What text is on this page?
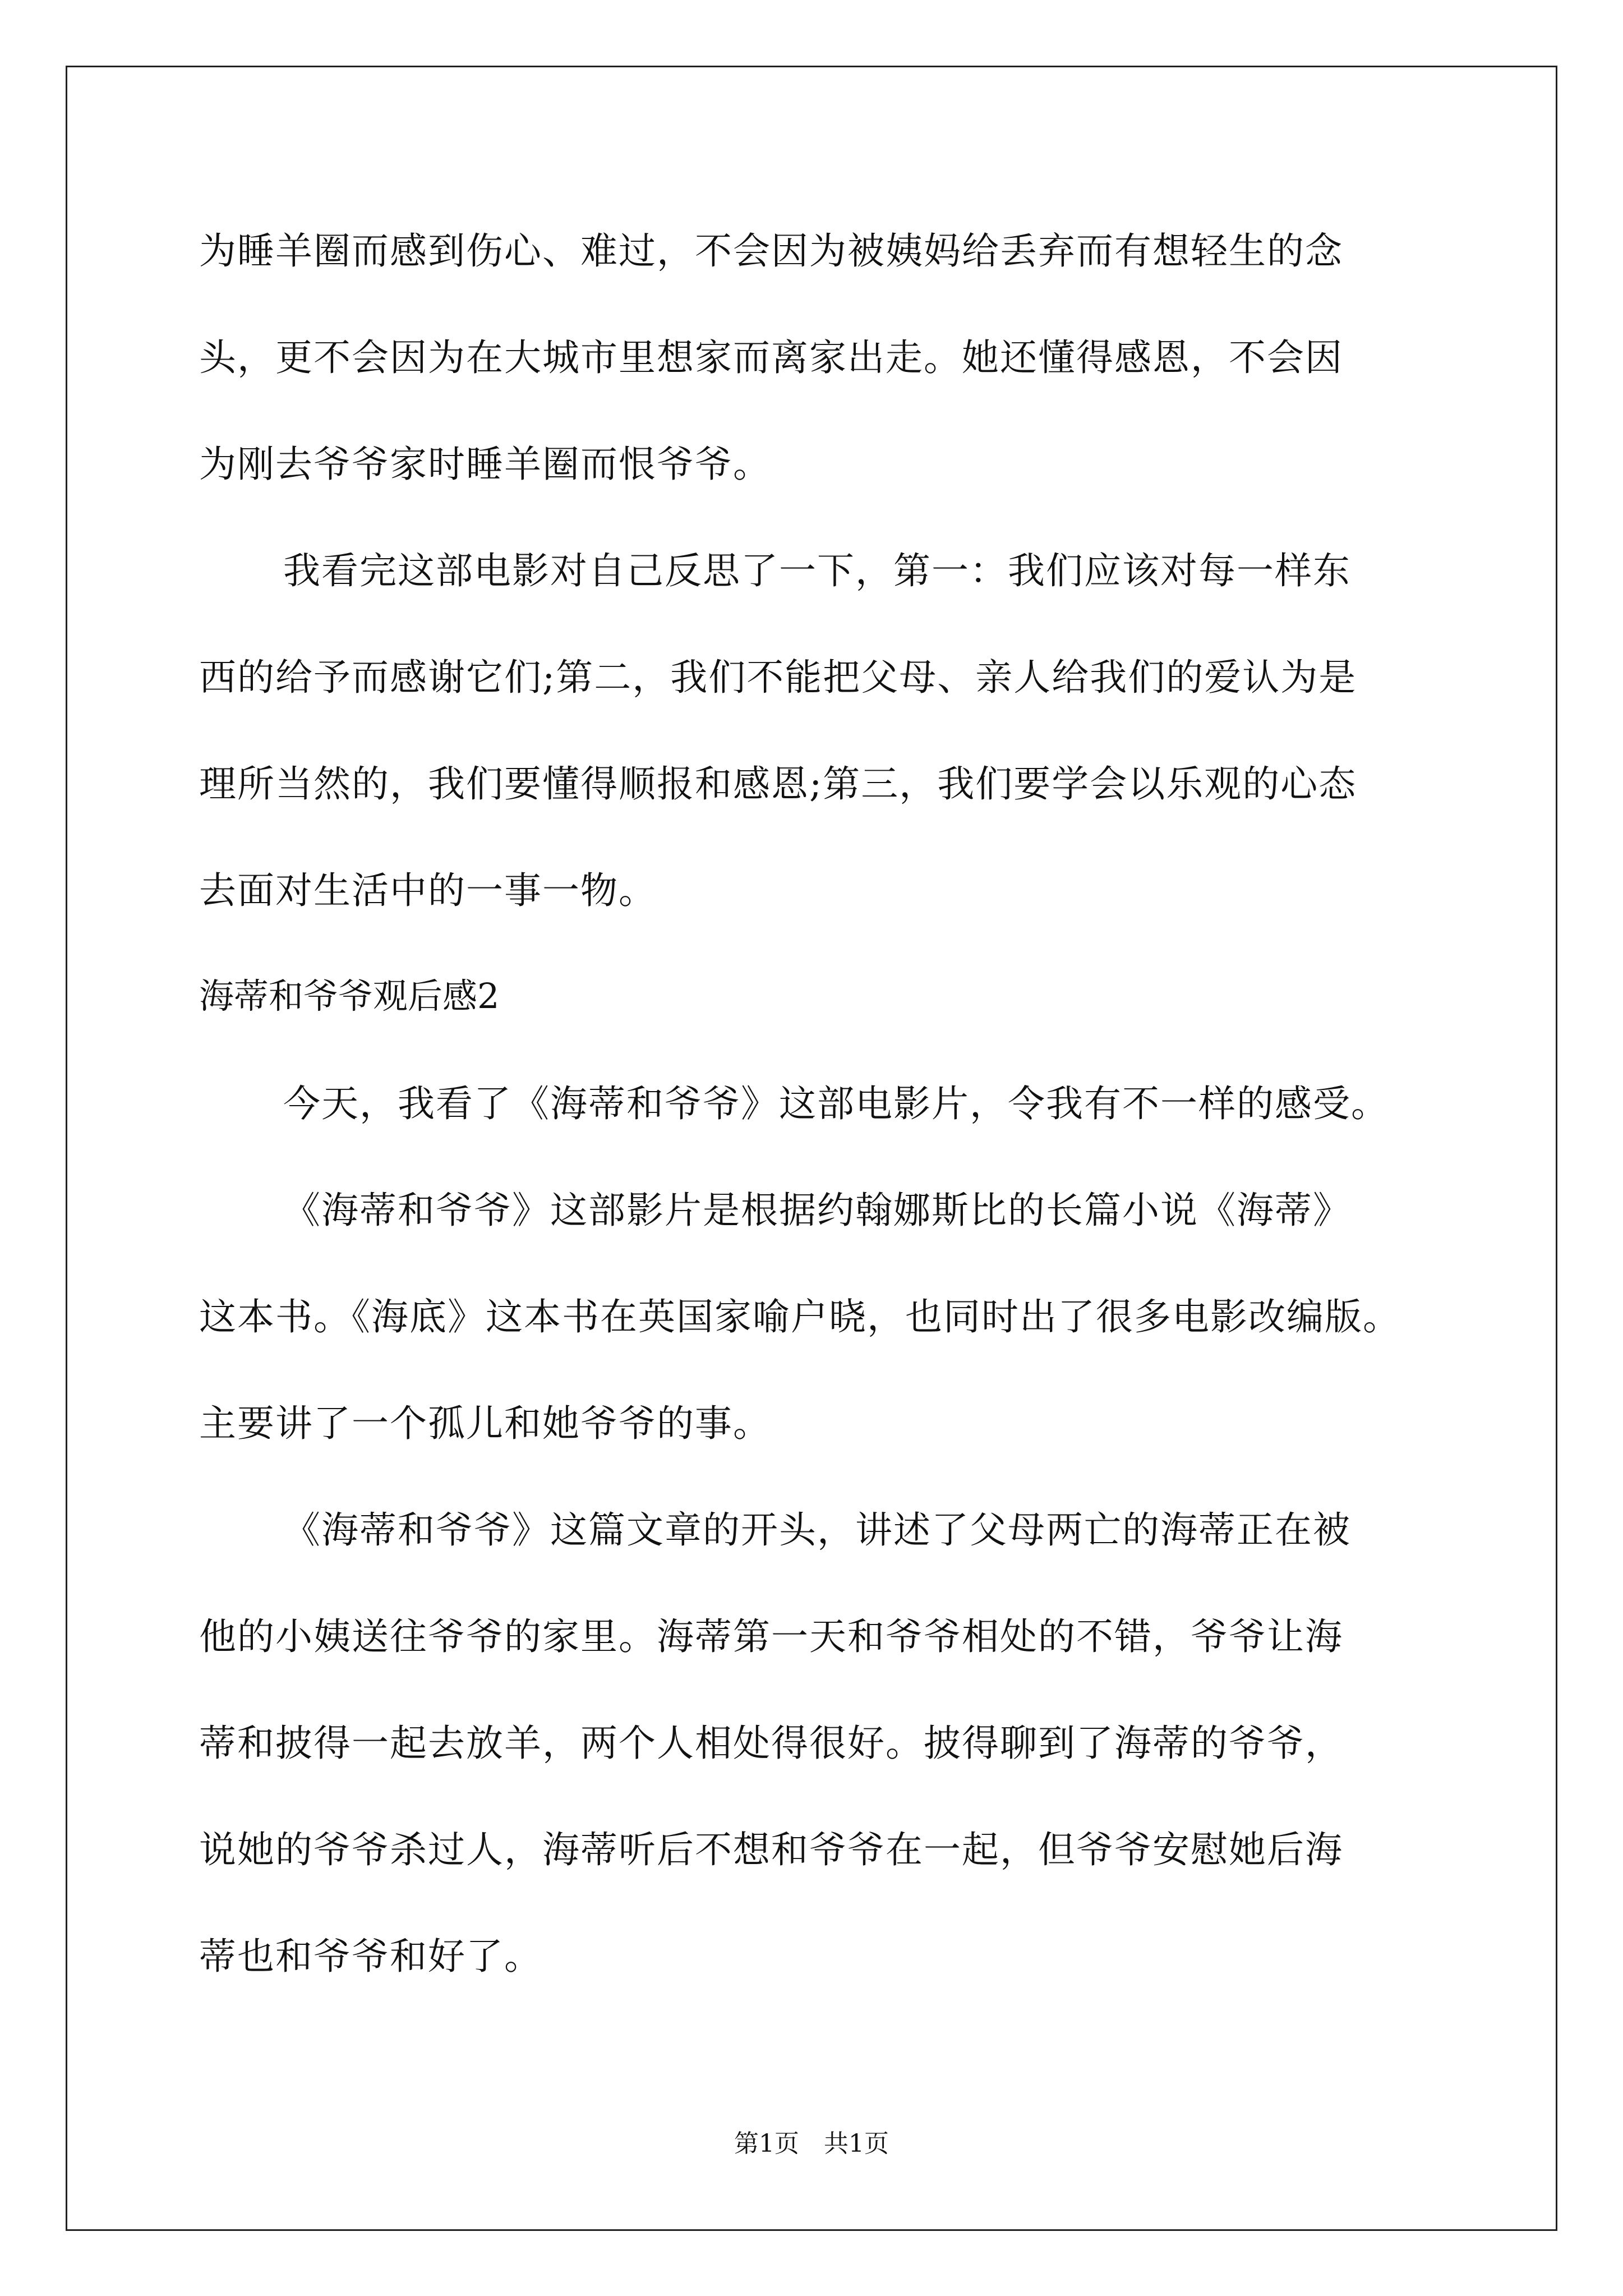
为睡羊圈而感到伤心、难过，不会因为被姨妈给丢弃而有想轻生的念
头，更不会因为在大城市里想家而离家出走。她还懂得感恩，不会因
为刚去爷爷家时睡羊圈而恨爷爷。
我看完这部电影对自己反思了一下，第一：我们应该对每一样东
西的给予而感谢它们;第二，我们不能把父母、亲人给我们的爱认为是
理所当然的，我们要懂得顺报和感恩;第三，我们要学会以乐观的心态
去面对生活中的一事一物。
海蒂和爷爷观后感2
今天，我看了《海蒂和爷爷》这部电影片，令我有不一样的感受。
《海蒂和爷爷》这部影片是根据约翰娜斯比的长篇小说《海蒂》
这本书。《海底》这本书在英国家喻户晓，也同时出了很多电影改编版。
主要讲了一个孤儿和她爷爷的事。
《海蒂和爷爷》这篇文章的开头，讲述了父母两亡的海蒂正在被
他的小姨送往爷爷的家里。海蒂第一天和爷爷相处的不错，爷爷让海
蒂和披得一起去放羊，两个人相处得很好。披得聊到了海蒂的爷爷，
说她的爷爷杀过人，海蒂听后不想和爷爷在一起，但爷爷安慰她后海
蒂也和爷爷和好了。
第1页　共1页
